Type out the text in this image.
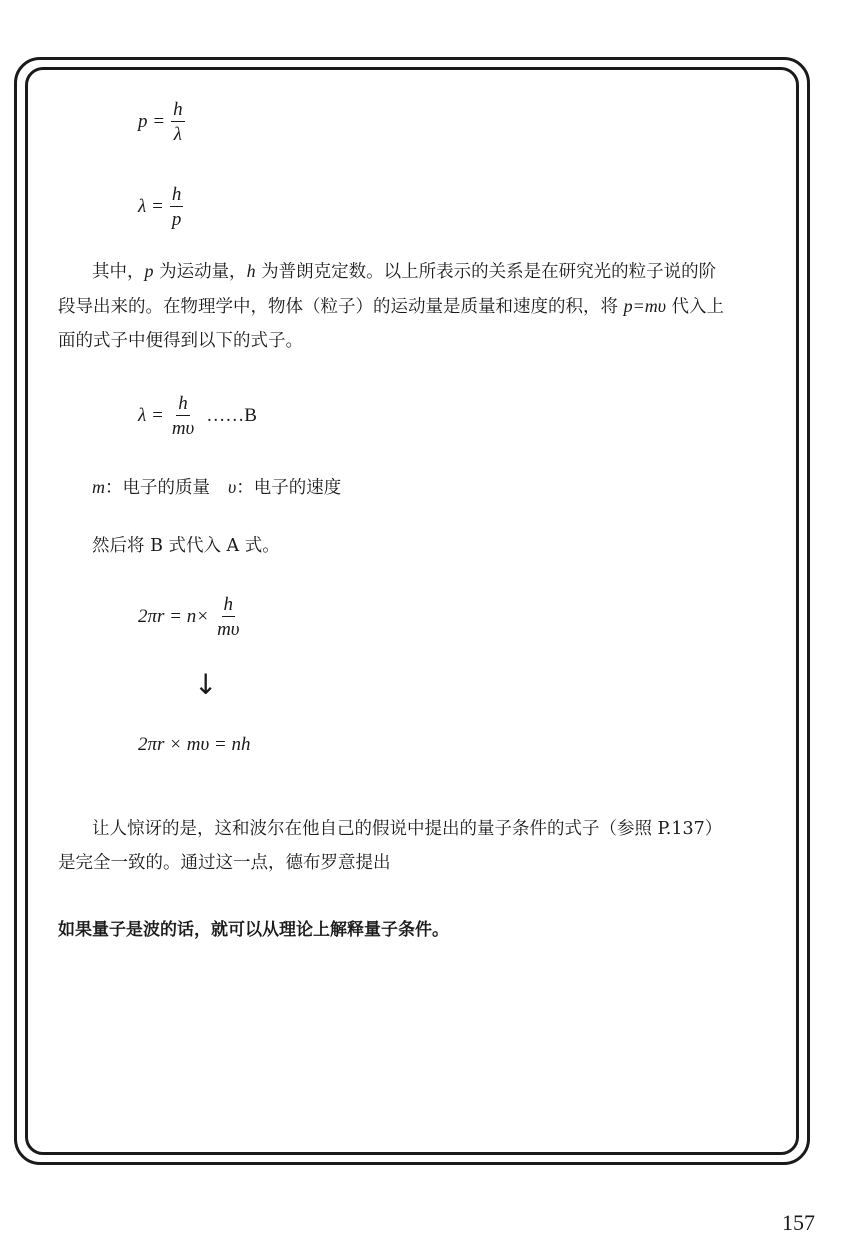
$p = \frac{h}{\lambda}$
$\lambda = \frac{h}{p}$
其中，p 为运动量，h 为普朗克定数。以上所表示的关系是在研究光的粒子说的阶
段导出来的。在物理学中，物体（粒子）的运动量是质量和速度的积，将 p=mυ 代入上
面的式子中便得到以下的式子。
$\lambda = \frac{h}{m\upsilon}$ ……B
m：电子的质量 υ：电子的速度
然后将 B 式代入 A 式。
$2\pi r = n\times \frac{h}{m\upsilon}$
↓
2πr × mυ = nh
让人惊讶的是，这和波尔在他自己的假说中提出的量子条件的式子（参照 P.137）
是完全一致的。通过这一点，德布罗意提出
如果量子是波的话，就可以从理论上解释量子条件。
157
